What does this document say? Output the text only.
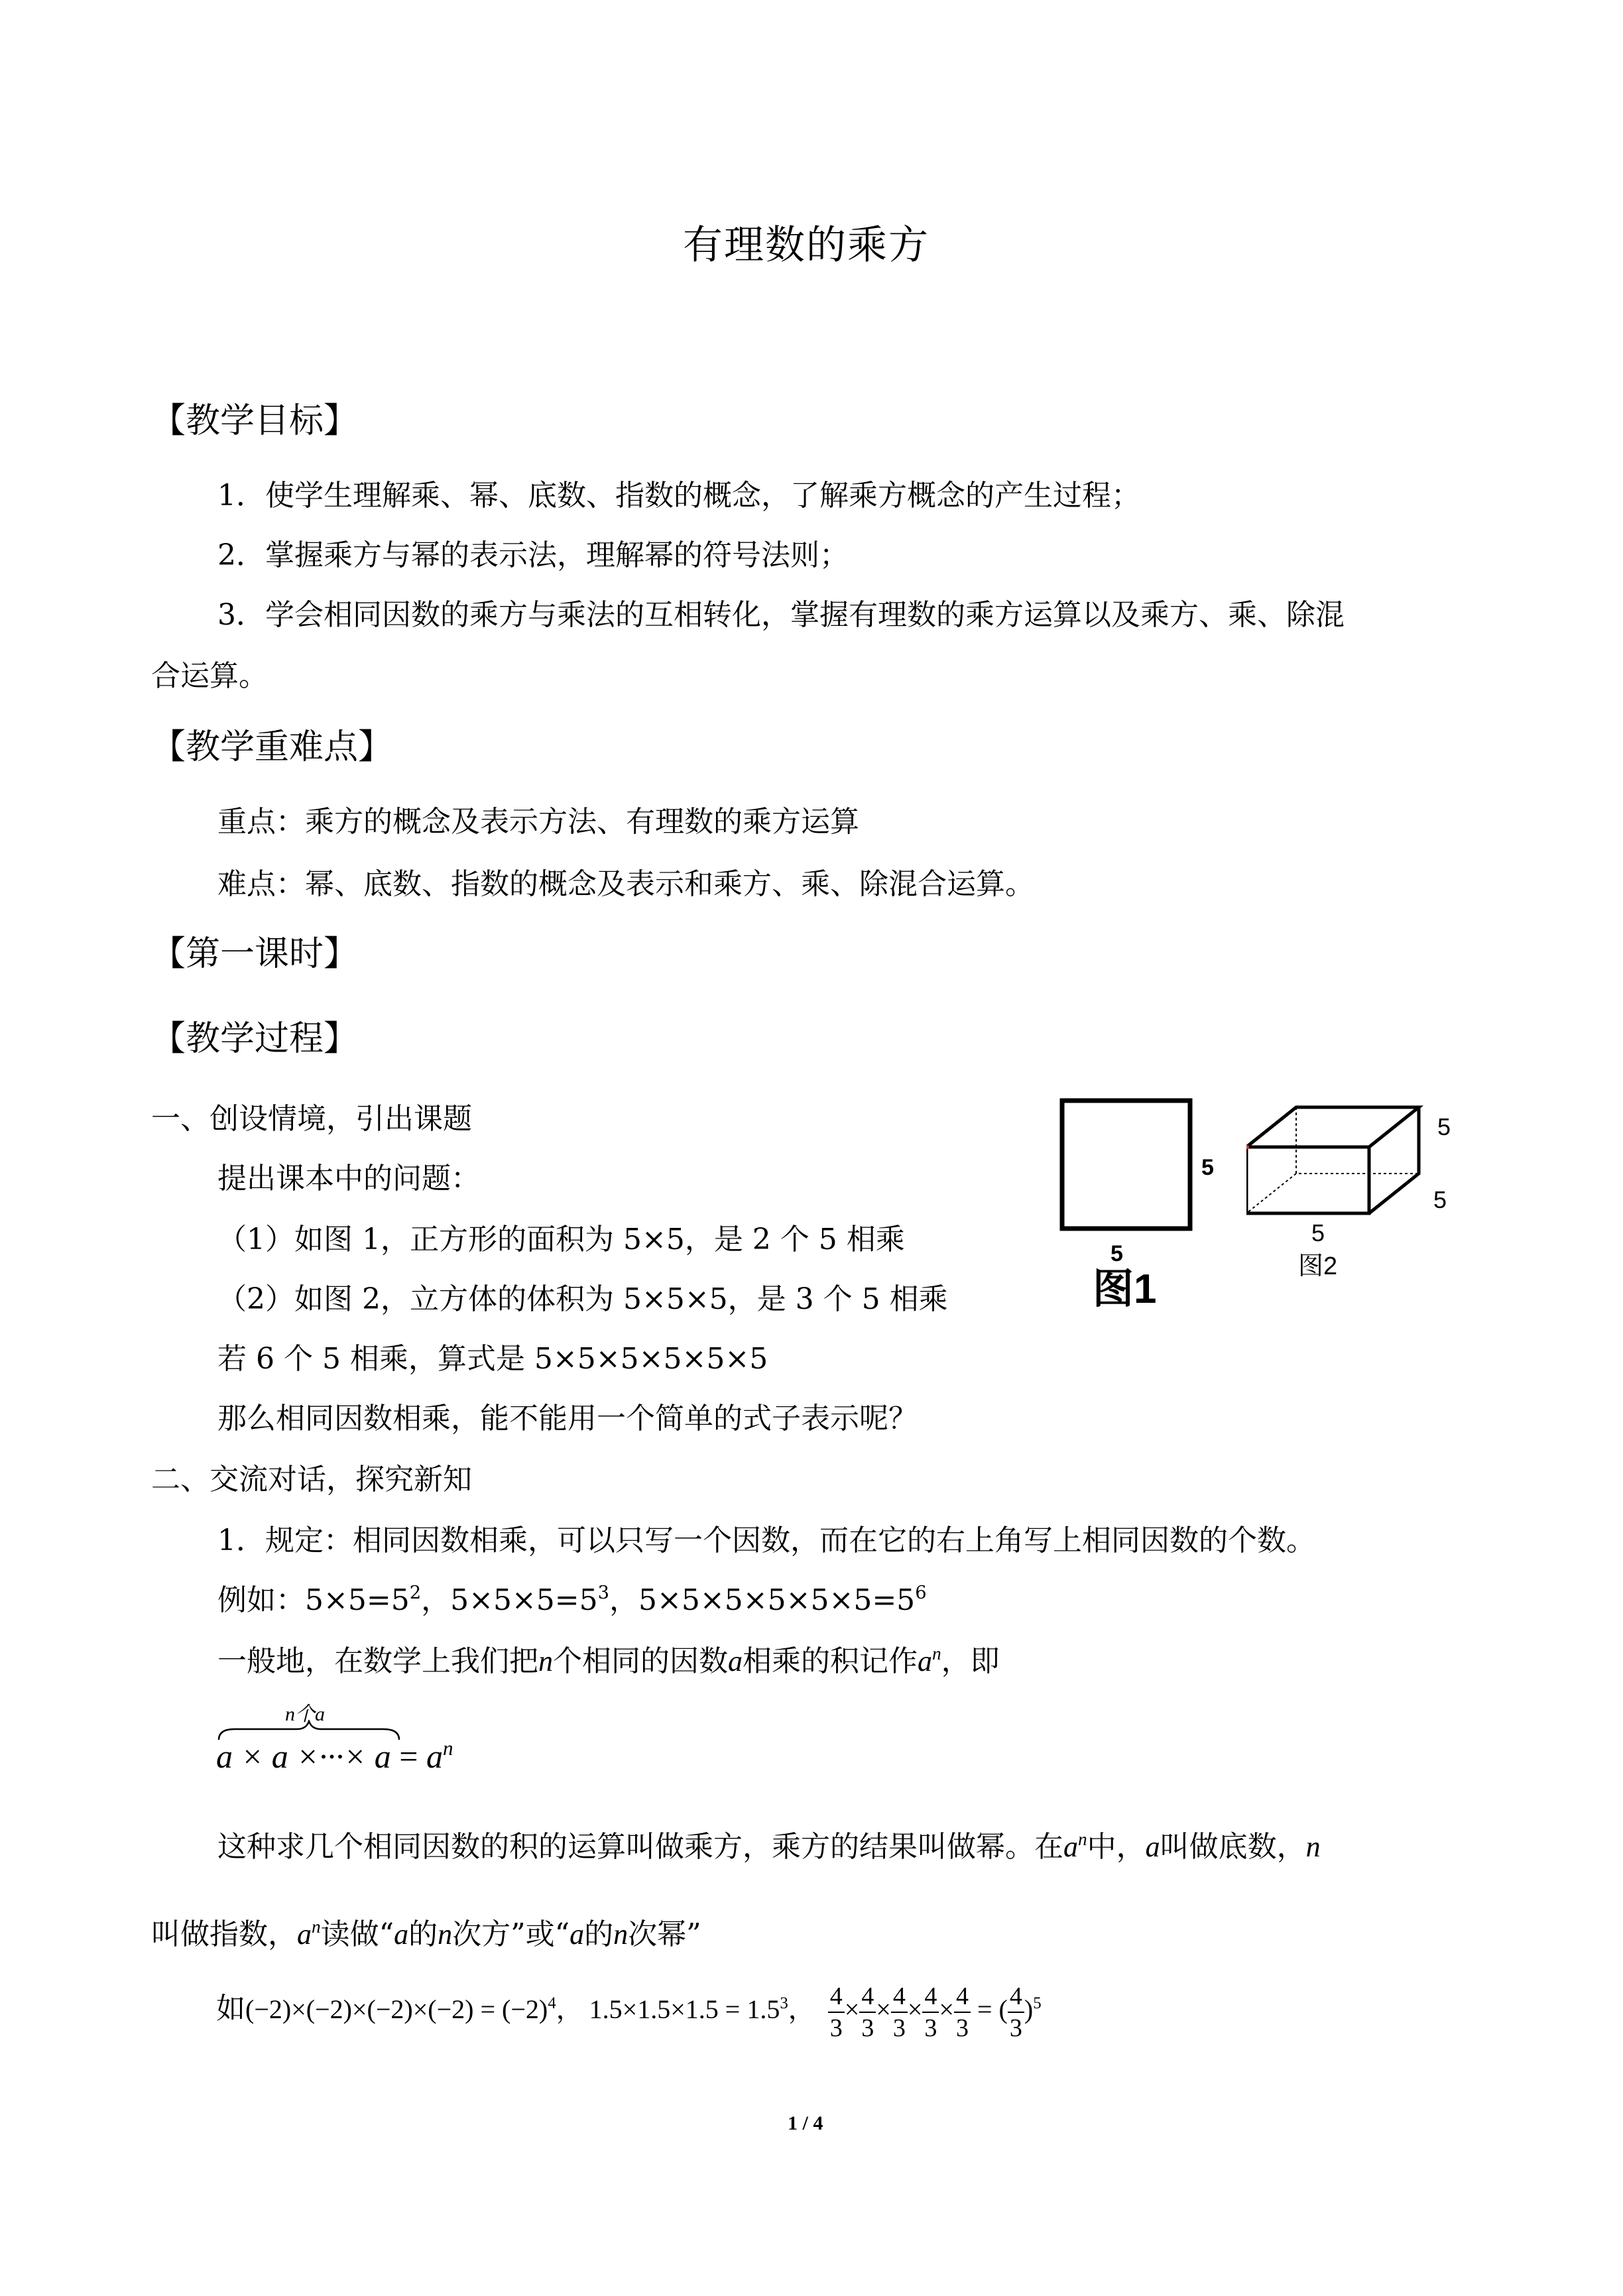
有理数的乘方
【教学目标】
1．使学生理解乘、幂、底数、指数的概念，了解乘方概念的产生过程；
2．掌握乘方与幂的表示法，理解幂的符号法则；
3．学会相同因数的乘方与乘法的互相转化，掌握有理数的乘方运算以及乘方、乘、除混
合运算。
【教学重难点】
重点：乘方的概念及表示方法、有理数的乘方运算
难点：幂、底数、指数的概念及表示和乘方、乘、除混合运算。
【第一课时】
【教学过程】
一、创设情境，引出课题
提出课本中的问题：
（1）如图 1，正方形的面积为 5×5，是 2 个 5 相乘
（2）如图 2，立方体的体积为 5×5×5，是 3 个 5 相乘
若 6 个 5 相乘，算式是 5×5×5×5×5×5
那么相同因数相乘，能不能用一个简单的式子表示呢？
5
5
图1
5
5
5
图2
二、交流对话，探究新知
1．规定：相同因数相乘，可以只写一个因数，而在它的右上角写上相同因数的个数。
例如：$5\times 5=5^2$，$5\times 5\times 5=5^3$，$5\times 5\times 5\times 5\times 5\times 5=5^6$
一般地，在数学上我们把n个相同的因数a相乘的积记作$a^n$，即
n个a
a × a ×···× $a = a^n$
这种求几个相同因数的积的运算叫做乘方，乘方的结果叫做幂。在$a^n$中，a叫做底数，n
叫做指数，$a^n$读做“a的n次方”或“a的n次幂”
如$(-2)\times(-2)\times(-2)\times(-2) = (-2)^4$， $1.5\times 1.5\times 1.5 = 1.5^3$， $\frac{4}{3} \times \frac{4}{3} \times \frac{4}{3} \times \frac{4}{3} \times \frac{4}{3}$ = ( $\frac{4}{3} )^5$
1 / 4
